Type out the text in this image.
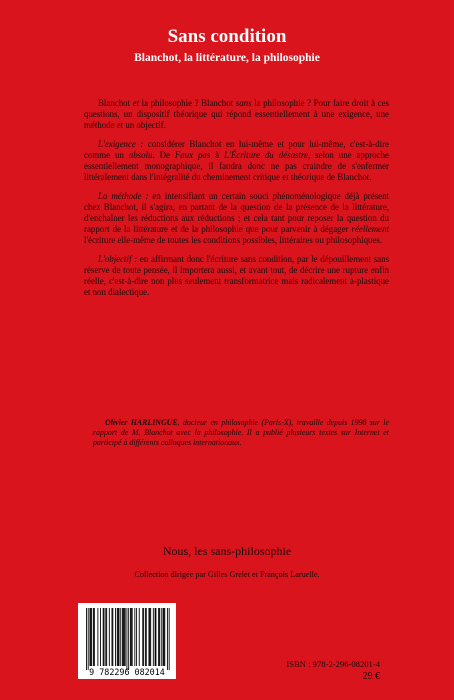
Sans condition
Blanchot, la littérature, la philosophie

Blanchot et la philosophie ? Blanchot sans la philosophie ? Pour faire droit à ces questions, un dispositif théorique qui répond essentiellement à une exigence, une méthode et un objectif.

L'exigence : considérer Blanchot en lui-même et pour lui-même, c'est-à-dire comme un absolu. De Faux pas à L'Écriture du désastre, selon une approche essentiellement monographique, il faudra donc ne pas craindre de s'enfermer littéralement dans l'intégralité du cheminement critique et théorique de Blanchot.

La méthode : en intensifiant un certain souci phénoménologique déjà présent chez Blanchot, il s'agira, en partant de la question de la présence de la littérature, d'enchaîner les réductions aux réductions ; et cela tant pour reposer la question du rapport de la littérature et de la philosophie que pour parvenir à dégager réellement l'écriture elle-même de toutes les conditions possibles, littéraires ou philosophiques.

L'objectif : en affirmant donc l'écriture sans condition, par le dépouillement sans réserve de toute pensée, il importera aussi, et avant tout, de décrire une rupture enfin réelle, c'est-à-dire non plus seulement transformatrice mais radicalement a-plastique et non dialectique.

Olivier HARLINGUE, docteur en philosophie (Paris-X), travaille depuis 1998 sur le rapport de M. Blanchot avec la philosophie. Il a publié plusieurs textes sur Internet et participé à différents colloques internationaux.
Nous, les sans-philosophie
Collection dirigée par Gilles Grelet et François Laruelle.
9 782296 082014
ISBN : 978-2-296-08201-4
29 €
